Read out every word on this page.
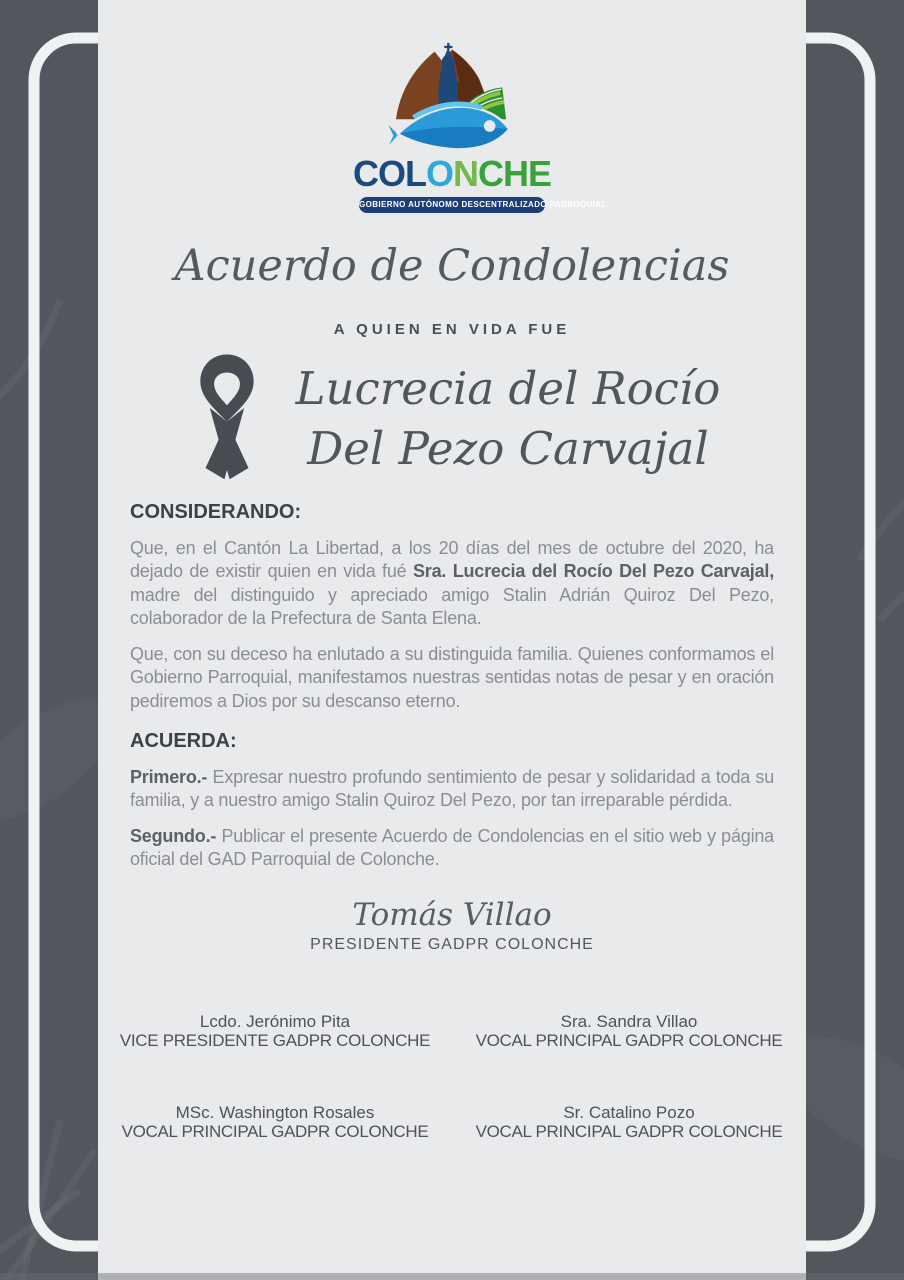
COLONCHE
GOBIERNO AUTÓNOMO DESCENTRALIZADO PARROQUIAL
Acuerdo de Condolencias
A QUIEN EN VIDA FUE
Lucrecia del Rocío
Del Pezo Carvajal
CONSIDERANDO:

Que, en el Cantón La Libertad, a los 20 días del mes de octubre del 2020, ha dejado de existir quien en vida fué Sra. Lucrecia del Rocío Del Pezo Carvajal, madre del distinguido y apreciado amigo Stalin Adrián Quiroz Del Pezo, colaborador de la Prefectura de Santa Elena.

Que, con su deceso ha enlutado a su distinguida familia. Quienes conformamos el Gobierno Parroquial, manifestamos nuestras sentidas notas de pesar y en oración pediremos a Dios por su descanso eterno.

ACUERDA:

Primero.- Expresar nuestro profundo sentimiento de pesar y solidaridad a toda su familia, y a nuestro amigo Stalin Quiroz Del Pezo, por tan irreparable pérdida.

Segundo.- Publicar el presente Acuerdo de Condolencias en el sitio web y página oficial del GAD Parroquial de Colonche.

Tomás Villao
PRESIDENTE GADPR COLONCHE
Lcdo. Jerónimo Pita
VICE PRESIDENTE GADPR COLONCHE
Sra. Sandra Villao
VOCAL PRINCIPAL GADPR COLONCHE
MSc. Washington Rosales
VOCAL PRINCIPAL GADPR COLONCHE
Sr. Catalino Pozo
VOCAL PRINCIPAL GADPR COLONCHE
